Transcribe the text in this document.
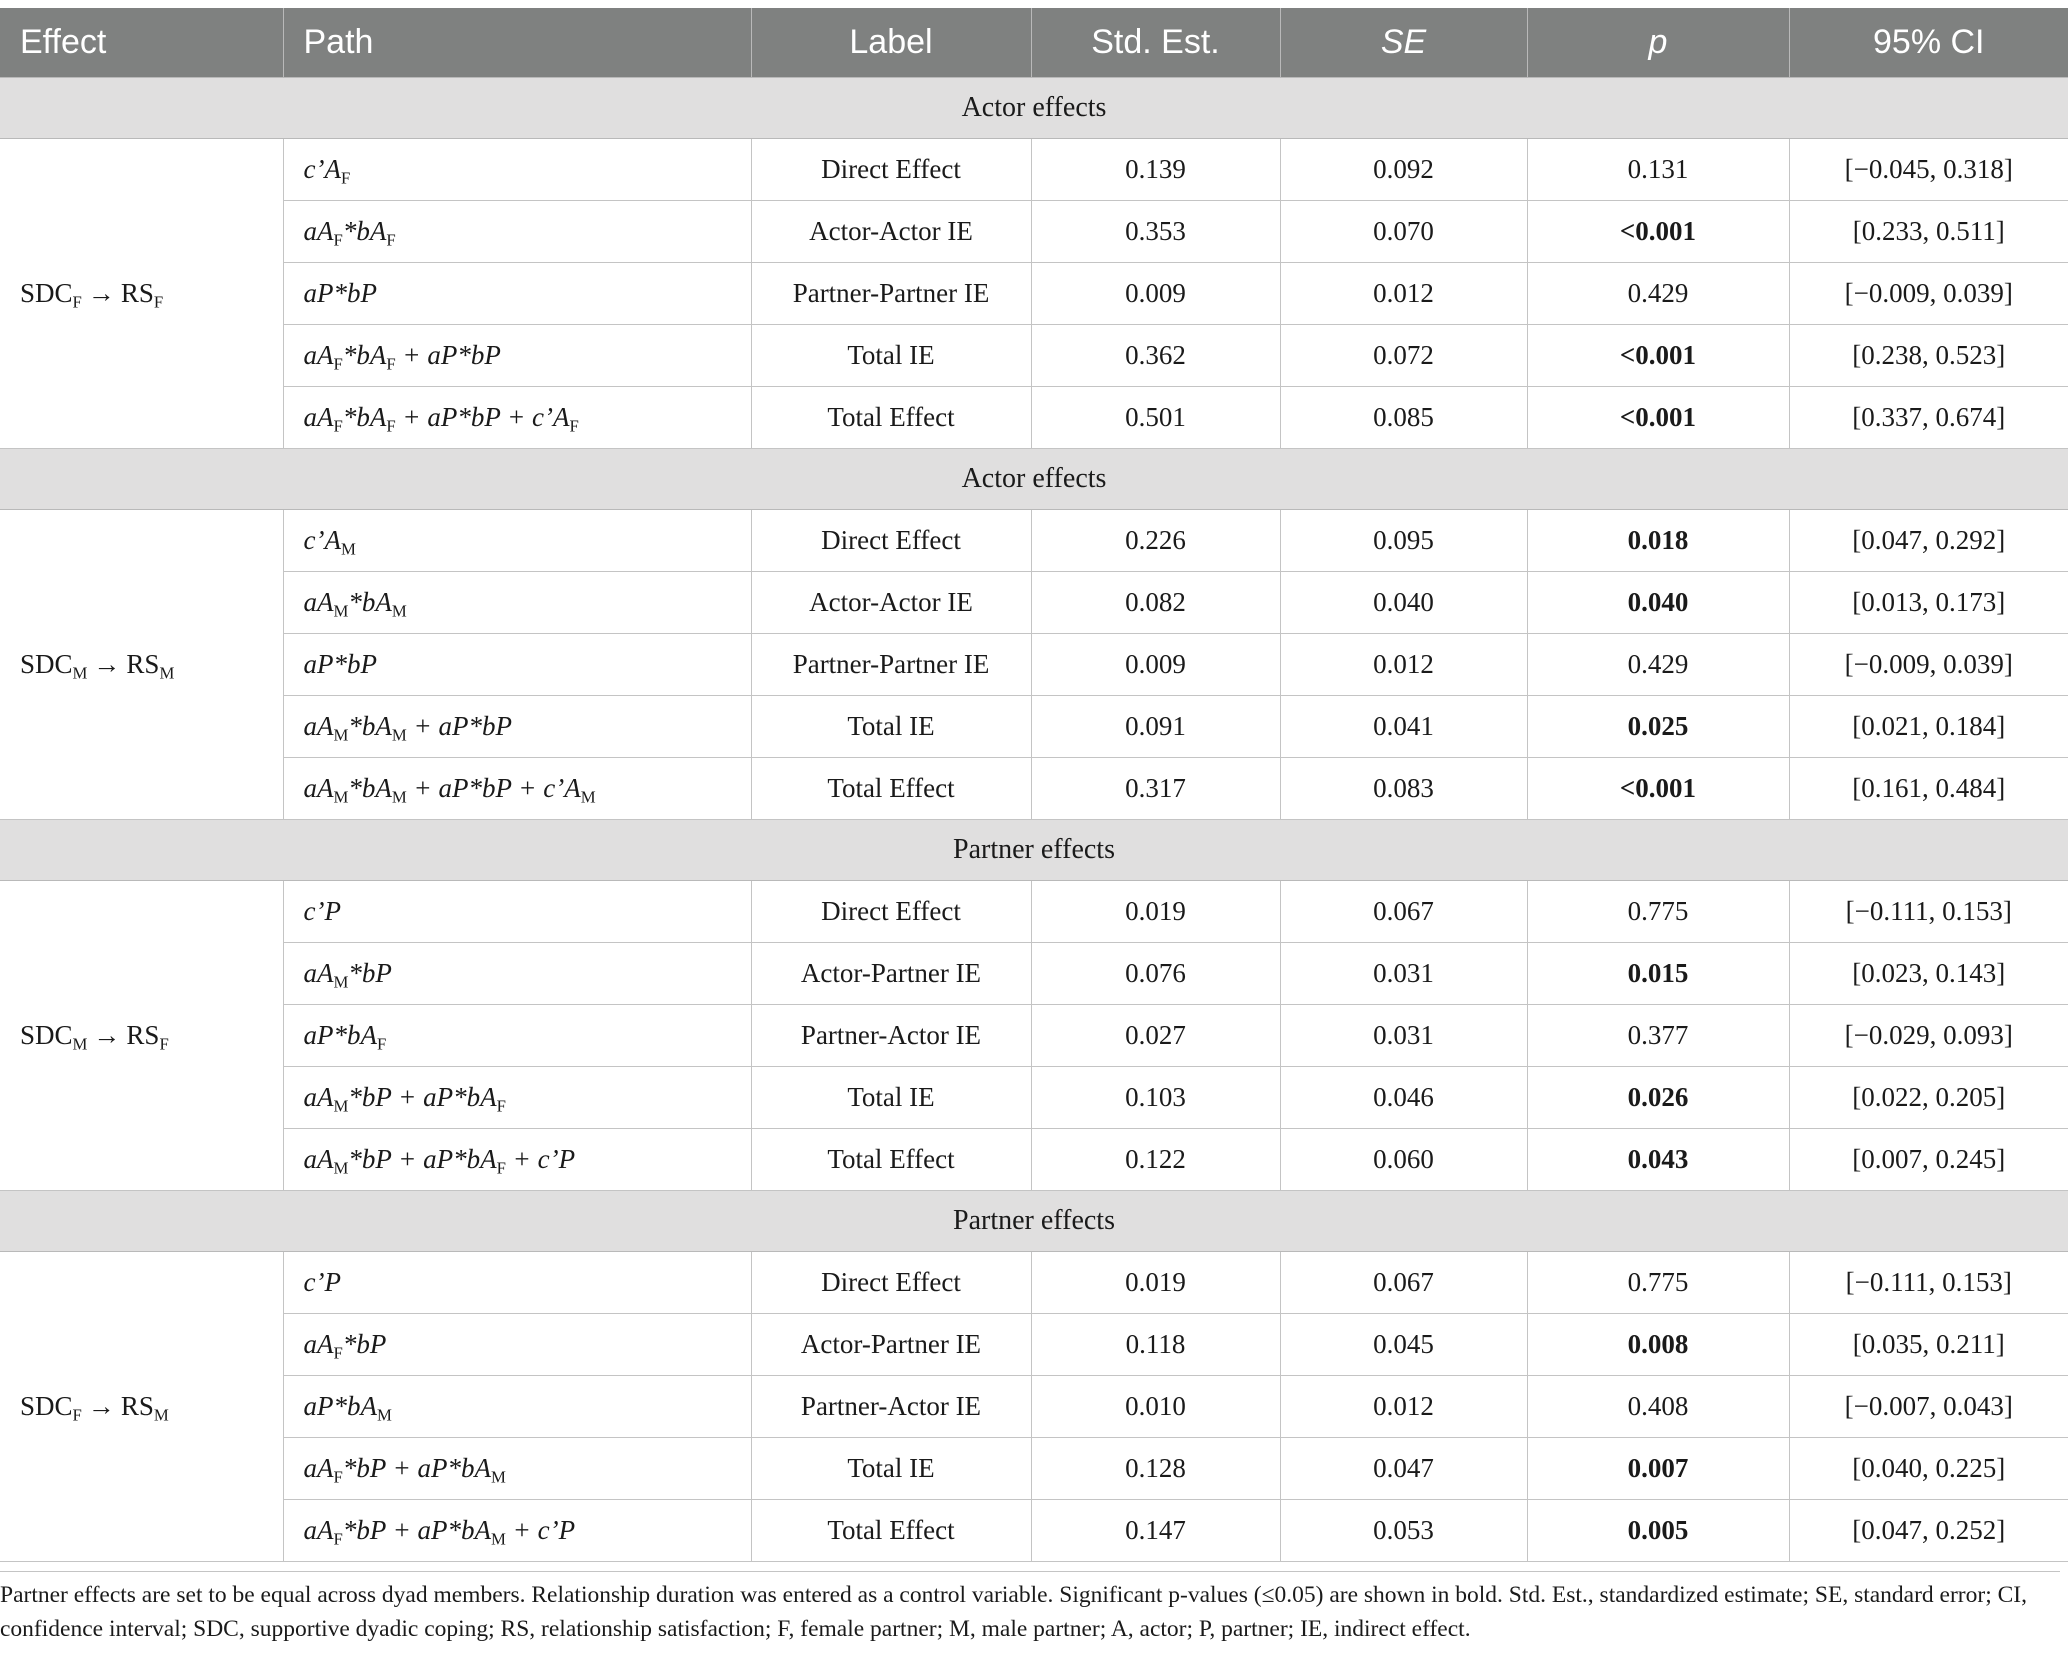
Effect	Path	Label	Std. Est.	SE	p	95% CI
Actor effects						
$SDC_F \to RS_F$	$c’A_F$	Direct Effect	0.139	0.092	0.131	[−0.045, 0.318]
	$aA_F*bA_F$	Actor-Actor IE	0.353	0.070	<0.001	[0.233, 0.511]
	aP*bP	Partner-Partner IE	0.009	0.012	0.429	[−0.009, 0.039]
	$aA_F*bA_F + aP*bP$	Total IE	0.362	0.072	<0.001	[0.238, 0.523]
	$aA_F*bA_F + aP*bP$ + $c’A_F$	Total Effect	0.501	0.085	<0.001	[0.337, 0.674]
Actor effects						
$SDC_M \to RS_M$	$c’A_M$	Direct Effect	0.226	0.095	0.018	[0.047, 0.292]
	$aA_M*bA_M$	Actor-Actor IE	0.082	0.040	0.040	[0.013, 0.173]
	aP*bP	Partner-Partner IE	0.009	0.012	0.429	[−0.009, 0.039]
	$aA_M*bA_M + aP*bP$	Total IE	0.091	0.041	0.025	[0.021, 0.184]
	$aA_M*bA_M + aP*bP$ + $c’A_M$	Total Effect	0.317	0.083	<0.001	[0.161, 0.484]
Partner effects						
$SDC_M \to RS_F$	c’P	Direct Effect	0.019	0.067	0.775	[−0.111, 0.153]
	$aA_M*bP$	Actor-Partner IE	0.076	0.031	0.015	[0.023, 0.143]
	$aP*bA_F$	Partner-Actor IE	0.027	0.031	0.377	[−0.029, 0.093]
	$aA_M*bP + aP*bA_F$	Total IE	0.103	0.046	0.026	[0.022, 0.205]
	$aA_M*bP + aP*bA_F$ + c’P	Total Effect	0.122	0.060	0.043	[0.007, 0.245]
Partner effects						
$SDC_F \to RS_M$	c’P	Direct Effect	0.019	0.067	0.775	[−0.111, 0.153]
	$aA_F*bP$	Actor-Partner IE	0.118	0.045	0.008	[0.035, 0.211]
	$aP*bA_M$	Partner-Actor IE	0.010	0.012	0.408	[−0.007, 0.043]
	$aA_F*bP + aP*bA_M$	Total IE	0.128	0.047	0.007	[0.040, 0.225]
	$aA_F*bP + aP*bA_M$ + c’P	Total Effect	0.147	0.053	0.005	[0.047, 0.252]
Partner effects are set to be equal across dyad members. Relationship duration was entered as a control variable. Significant p-values (≤0.05) are shown in bold. Std. Est., standardized estimate; SE, standard error; CI, confidence interval; SDC, supportive dyadic coping; RS, relationship satisfaction; F, female partner; M, male partner; A, actor; P, partner; IE, indirect effect.
